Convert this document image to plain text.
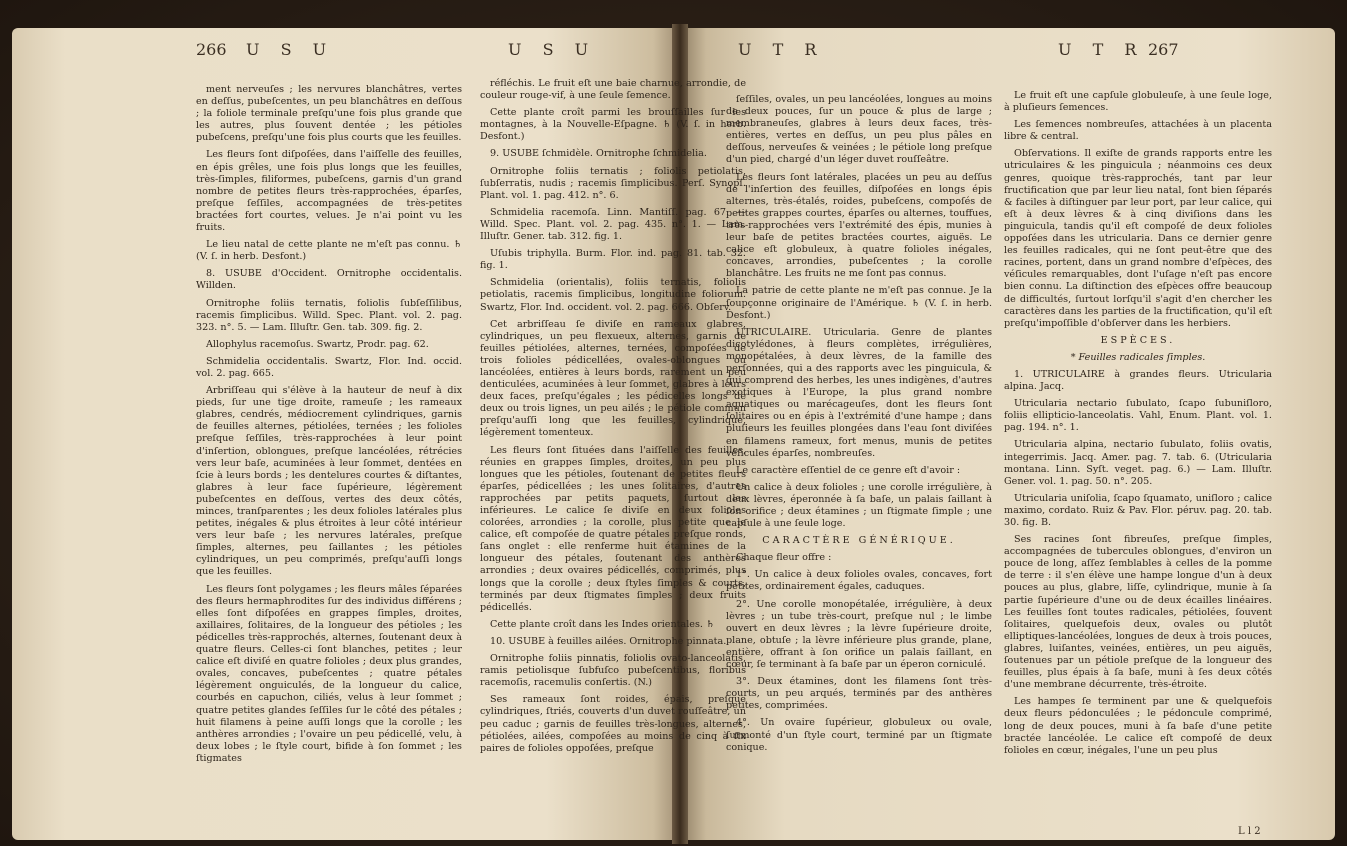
266 U S U	U S U	U T R	U T R 267

ment nerveuſes ; les nervures blanchâtres, vertes en deſſus, pubeſcentes, un peu blanchâtres en deſſous ; la foliole terminale preſqu'une fois plus grande que les autres, plus ſouvent dentée ; les pétioles pubeſcens, preſqu'une fois plus courts que les feuilles.

Les fleurs ſont diſpoſées, dans l'aiſſelle des feuilles, en épis grêles, une fois plus longs que les feuilles, très-ſimples, filiformes, pubeſcens, garnis d'un grand nombre de petites fleurs très-rapprochées, éparſes, preſque ſeſſiles, accompagnées de très-petites bractées fort courtes, velues. Je n'ai point vu les fruits.

Le lieu natal de cette plante ne m'eſt pas connu. ♄ (V. ſ. in herb. Desfont.)

8. USUBE d'Occident. Ornitrophe occidentalis. Willden.

Ornitrophe foliis ternatis, foliolis ſubſeſſilibus, racemis ſimplicibus. Willd. Spec. Plant. vol. 2. pag. 323. n°. 5. — Lam. Illuſtr. Gen. tab. 309. fig. 2.

Allophylus racemoſus. Swartz, Prodr. pag. 62.

Schmidelia occidentalis. Swartz, Flor. Ind. occid. vol. 2. pag. 665.

Arbriſſeau qui s'élève à la hauteur de neuf à dix pieds, ſur une tige droite, rameuſe ; les rameaux glabres, cendrés, médiocrement cylindriques, garnis de feuilles alternes, pétiolées, ternées ; les folioles preſque ſeſſiles, très-rapprochées à leur point d'inſertion, oblongues, preſque lancéolées, rétrécies vers leur baſe, acuminées à leur ſommet, dentées en ſcie à leurs bords ; les dentelures courtes & diſtantes, glabres à leur face ſupérieure, légèrement pubeſcentes en deſſous, vertes des deux côtés, minces, tranſparentes ; les deux folioles latérales plus petites, inégales & plus étroites à leur côté intérieur vers leur baſe ; les nervures latérales, preſque ſimples, alternes, peu ſaillantes ; les pétioles cylindriques, un peu comprimés, preſqu'auſſi longs que les feuilles.

Les fleurs ſont polygames ; les fleurs mâles ſéparées des fleurs hermaphrodites ſur des individus différens ; elles ſont diſpoſées en grappes ſimples, droites, axillaires, ſolitaires, de la longueur des pétioles ; les pédicelles très-rapprochés, alternes, ſoutenant deux à quatre fleurs. Celles-ci ſont blanches, petites ; leur calice eſt diviſé en quatre folioles ; deux plus grandes, ovales, concaves, pubeſcentes ; quatre pétales légèrement onguiculés, de la longueur du calice, courbés en capuchon, ciliés, velus à leur ſommet ; quatre petites glandes ſeſſiles ſur le côté des pétales ; huit filamens à peine auſſi longs que la corolle ; les anthères arrondies ; l'ovaire un peu pédicellé, velu, à deux lobes ; le ſtyle court, bifide à ſon ſommet ; les ſtigmates

réfléchis. Le fruit eſt une baie charnue, arrondie, de couleur rouge-vif, à une ſeule ſemence.

Cette plante croît parmi les brouſſailles ſur les montagnes, à la Nouvelle-Eſpagne. ♄ (V. ſ. in herb. Desfont.)

9. USUBE ſchmidèle. Ornitrophe ſchmidelia.

Ornitrophe foliis ternatis ; foliolis petiolatis, ſubſerratis, nudis ; racemis ſimplicibus. Perſ. Synopſ. Plant. vol. 1. pag. 412. n°. 6.

Schmidelia racemoſa. Linn. Mantiſſ. pag. 67. — Willd. Spec. Plant. vol. 2. pag. 435. n°. 1. — Lam. Illuſtr. Gener. tab. 312. fig. 1.

Uſubis triphylla. Burm. Flor. ind. pag. 81. tab. 32. fig. 1.

Schmidelia (orientalis), foliis ternatis, foliolis petiolatis, racemis ſimplicibus, longitudine foliorum. Swartz, Flor. Ind. occident. vol. 2. pag. 666. Obſerv.

Cet arbriſſeau ſe diviſe en rameaux glabres, cylindriques, un peu flexueux, alternes, garnis de feuilles pétiolées, alternes, ternées, compoſées de trois folioles pédicellées, ovales-oblongues ou lancéolées, entières à leurs bords, rarement un peu denticulées, acuminées à leur ſommet, glabres à leurs deux faces, preſqu'égales ; les pédicelles longs de deux ou trois lignes, un peu ailés ; le pétiole commun preſqu'auſſi long que les feuilles, cylindrique, légèrement tomenteux.

Les fleurs ſont ſituées dans l'aiſſelle des feuilles, réunies en grappes ſimples, droites, un peu plus longues que les pétioles, ſoutenant de petites fleurs éparſes, pédicellées ; les unes ſolitaires, d'autres rapprochées par petits paquets, ſurtout les inférieures. Le calice ſe diviſe en deux folioles colorées, arrondies ; la corolle, plus petite que le calice, eſt compoſée de quatre pétales preſque ronds, ſans onglet : elle renferme huit étamines de la longueur des pétales, ſoutenant des anthères arrondies ; deux ovaires pédicellés, comprimés, plus longs que la corolle ; deux ſtyles ſimples & courts, terminés par deux ſtigmates ſimples ; deux fruits pédicellés.

Cette plante croît dans les Indes orientales. ♄

10. USUBE à feuilles ailées. Ornitrophe pinnata.

Ornitrophe foliis pinnatis, foliolis ovato-lanceolatis, ramis petiolisque ſubfuſco pubeſcentibus, floribus racemoſis, racemulis conſertis. (N.)

Ses rameaux ſont roides, épais, preſque cylindriques, ſtriés, couverts d'un duvet rouſſeâtre, un peu caduc ; garnis de feuilles très-longues, alternes, pétiolées, ailées, compoſées au moins de cinq à ſix paires de folioles oppoſées, preſque

ſeſſiles, ovales, un peu lancéolées, longues au moins de deux pouces, ſur un pouce & plus de large ; membraneuſes, glabres à leurs deux faces, très-entières, vertes en deſſus, un peu plus pâles en deſſous, nerveuſes & veinées ; le pétiole long preſque d'un pied, chargé d'un léger duvet rouſſeâtre.

Les fleurs ſont latérales, placées un peu au deſſus de l'inſertion des feuilles, diſpoſées en longs épis alternes, très-étalés, roides, pubeſcens, compoſés de petites grappes courtes, éparſes ou alternes, touffues, très-rapprochées vers l'extrémité des épis, munies à leur baſe de petites bractées courtes, aiguës. Le calice eſt globuleux, à quatre folioles inégales, concaves, arrondies, pubeſcentes ; la corolle blanchâtre. Les fruits ne me ſont pas connus.

La patrie de cette plante ne m'eſt pas connue. Je la ſoupçonne originaire de l'Amérique. ♄ (V. ſ. in herb. Desfont.)

UTRICULAIRE. Utricularia. Genre de plantes dicotylédones, à fleurs complètes, irrégulières, monopétalées, à deux lèvres, de la famille des perſonnées, qui a des rapports avec les pinguicula, & qui comprend des herbes, les unes indigènes, d'autres exotiques à l'Europe, la plus grand nombre aquatiques ou marécageuſes, dont les fleurs ſont ſolitaires ou en épis à l'extrémité d'une hampe ; dans pluſieurs les feuilles plongées dans l'eau ſont diviſées en filamens rameux, fort menus, munis de petites véſicules éparſes, nombreuſes.

Le caractère eſſentiel de ce genre eſt d'avoir :

Un calice à deux folioles ; une corolle irrégulière, à deux lèvres, éperonnée à ſa baſe, un palais ſaillant à ſon orifice ; deux étamines ; un ſtigmate ſimple ; une capſule à une ſeule loge.

CARACTÈRE GÉNÉRIQUE.

Chaque fleur offre :

1°. Un calice à deux folioles ovales, concaves, fort petites, ordinairement égales, caduques.

2°. Une corolle monopétalée, irrégulière, à deux lèvres ; un tube très-court, preſque nul ; le limbe ouvert en deux lèvres ; la lèvre ſupérieure droite, plane, obtuſe ; la lèvre inférieure plus grande, plane, entière, offrant à ſon orifice un palais ſaillant, en cœur, ſe terminant à ſa baſe par un éperon corniculé.

3°. Deux étamines, dont les filamens ſont très-courts, un peu arqués, terminés par des anthères petites, comprimées.

4°. Un ovaire ſupérieur, globuleux ou ovale, ſurmonté d'un ſtyle court, terminé par un ſtigmate conique.

Le fruit eſt une capſule globuleuſe, à une ſeule loge, à pluſieurs ſemences.

Les ſemences nombreuſes, attachées à un placenta libre & central.

Obſervations. Il exiſte de grands rapports entre les utriculaires & les pinguicula ; néanmoins ces deux genres, quoique très-rapprochés, tant par leur fructification que par leur lieu natal, ſont bien ſéparés & faciles à diſtinguer par leur port, par leur calice, qui eſt à deux lèvres & à cinq diviſions dans les pinguicula, tandis qu'il eſt compoſé de deux folioles oppoſées dans les utricularia. Dans ce dernier genre les feuilles radicales, qui ne ſont peut-être que des racines, portent, dans un grand nombre d'eſpèces, des véſicules remarquables, dont l'uſage n'eſt pas encore bien connu. La diſtinction des eſpèces offre beaucoup de difficultés, ſurtout lorſqu'il s'agit d'en chercher les caractères dans les parties de la fructification, qu'il eſt preſqu'impoſſible d'obſerver dans les herbiers.

ESPÈCES.

* Feuilles radicales ſimples.

1. UTRICULAIRE à grandes fleurs. Utricularia alpina. Jacq.

Utricularia nectario ſubulato, ſcapo ſubuniſloro, foliis ellipticio-lanceolatis. Vahl, Enum. Plant. vol. 1. pag. 194. n°. 1.

Utricularia alpina, nectario ſubulato, foliis ovatis, integerrimis. Jacq. Amer. pag. 7. tab. 6. (Utricularia montana. Linn. Syſt. veget. pag. 6.) — Lam. Illuſtr. Gener. vol. 1. pag. 50. n°. 205.

Utricularia uniſolia, ſcapo ſquamato, uniſloro ; calice maximo, cordato. Ruiz & Pav. Flor. péruv. pag. 20. tab. 30. fig. B.

Ses racines ſont fibreuſes, preſque ſimples, accompagnées de tubercules oblongues, d'environ un pouce de long, aſſez ſemblables à celles de la pomme de terre : il s'en élève une hampe longue d'un à deux pouces au plus, glabre, liſſe, cylindrique, munie à ſa partie ſupérieure d'une ou de deux écailles linéaires. Les feuilles ſont toutes radicales, pétiolées, ſouvent ſolitaires, quelquefois deux, ovales ou plutôt elliptiques-lancéolées, longues de deux à trois pouces, glabres, luiſantes, veinées, entières, un peu aiguës, ſoutenues par un pétiole preſque de la longueur des feuilles, plus épais à ſa baſe, muni à ſes deux côtés d'une membrane décurrente, très-étroite.

Les hampes ſe terminent par une & quelquefois deux fleurs pédonculées ; le pédoncule comprimé, long de deux pouces, muni à ſa baſe d'une petite bractée lancéolée. Le calice eſt compoſé de deux folioles en cœur, inégales, l'une un peu plus

L l 2
